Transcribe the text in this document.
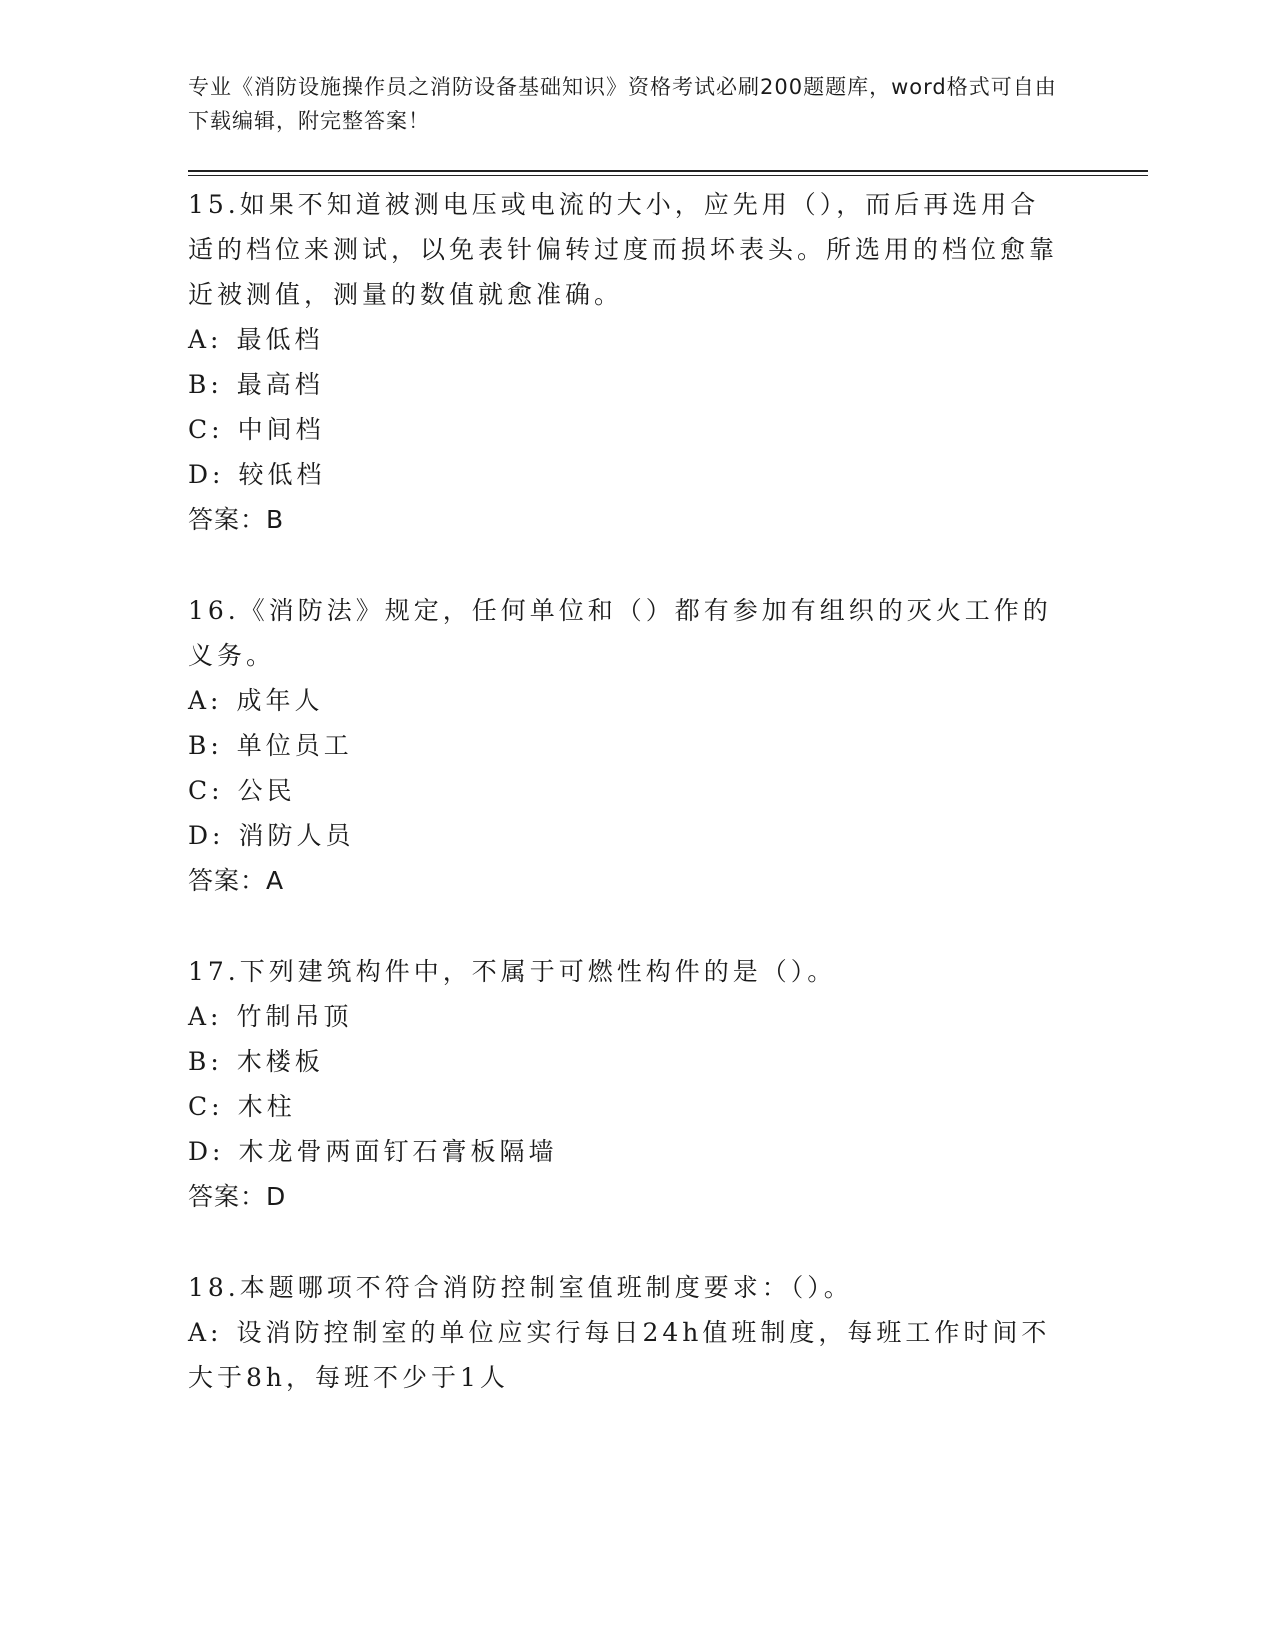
专业《消防设施操作员之消防设备基础知识》资格考试必刷200题题库，word格式可自由下载编辑，附完整答案！

15.如果不知道被测电压或电流的大小，应先用（），而后再选用合适的档位来测试，以免表针偏转过度而损坏表头。所选用的档位愈靠近被测值，测量的数值就愈准确。

A: 最低档

B: 最高档

C: 中间档

D: 较低档

答案：B

16.《消防法》规定，任何单位和（）都有参加有组织的灭火工作的义务。

A: 成年人

B: 单位员工

C: 公民

D: 消防人员

答案：A

17.下列建筑构件中，不属于可燃性构件的是（）。

A: 竹制吊顶

B: 木楼板

C: 木柱

D: 木龙骨两面钉石膏板隔墙

答案：D

18.本题哪项不符合消防控制室值班制度要求：（）。

A: 设消防控制室的单位应实行每日24h值班制度，每班工作时间不大于8h，每班不少于1人
